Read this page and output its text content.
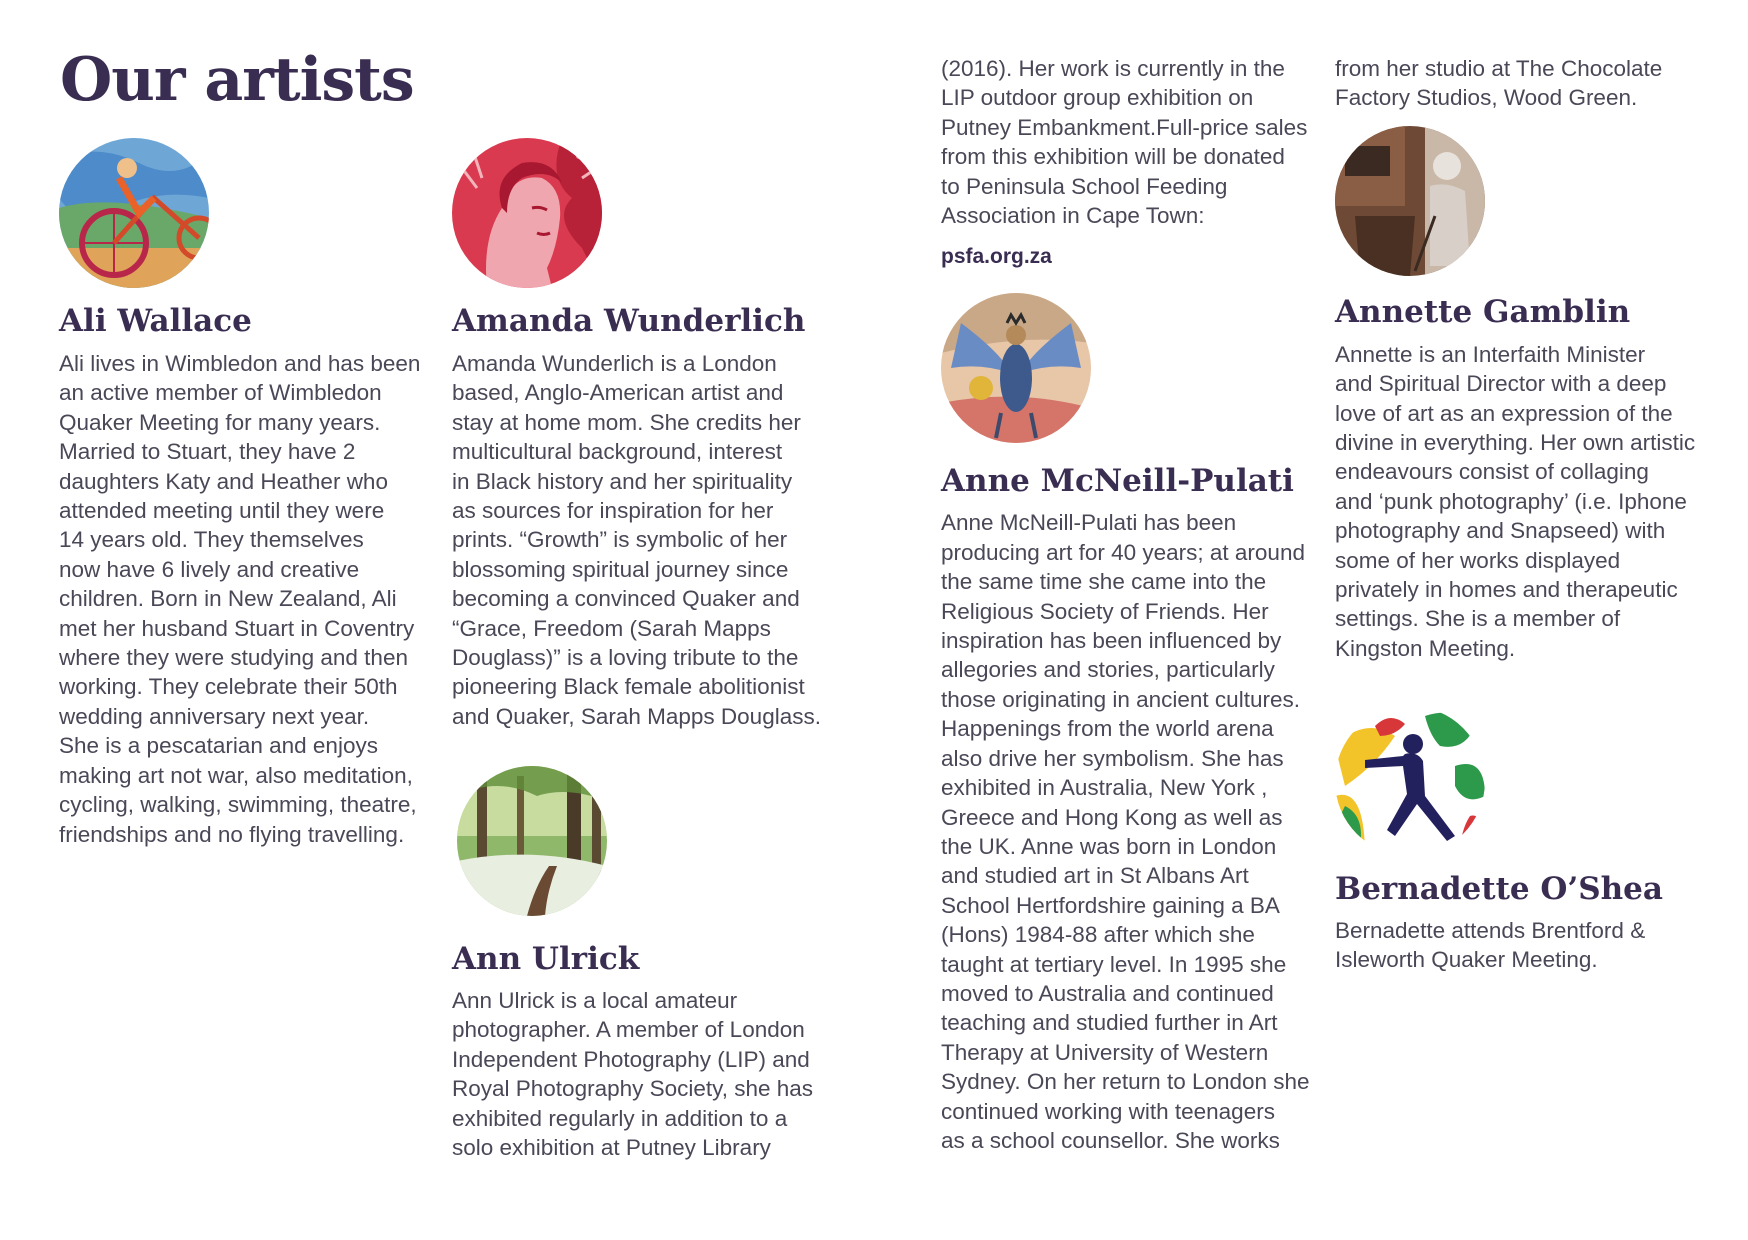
Our artists
Ali Wallace

Ali lives in Wimbledon and has been
an active member of Wimbledon
Quaker Meeting for many years.
Married to Stuart, they have 2
daughters Katy and Heather who
attended meeting until they were
14 years old. They themselves
now have 6 lively and creative
children. Born in New Zealand, Ali
met her husband Stuart in Coventry
where they were studying and then
working. They celebrate their 50th
wedding anniversary next year.
She is a pescatarian and enjoys
making art not war, also meditation,
cycling, walking, swimming, theatre,
friendships and no flying travelling.

Amanda Wunderlich

Amanda Wunderlich is a London
based, Anglo-American artist and
stay at home mom. She credits her
multicultural background, interest
in Black history and her spirituality
as sources for inspiration for her
prints. “Growth” is symbolic of her
blossoming spiritual journey since
becoming a convinced Quaker and
“Grace, Freedom (Sarah Mapps
Douglass)” is a loving tribute to the
pioneering Black female abolitionist
and Quaker, Sarah Mapps Douglass.

Ann Ulrick

Ann Ulrick is a local amateur
photographer. A member of London
Independent Photography (LIP) and
Royal Photography Society, she has
exhibited regularly in addition to a
solo exhibition at Putney Library

(2016). Her work is currently in the
LIP outdoor group exhibition on
Putney Embankment.Full-price sales
from this exhibition will be donated
to Peninsula School Feeding
Association in Cape Town:

psfa.org.za
Anne McNeill-Pulati

Anne McNeill-Pulati has been
producing art for 40 years; at around
the same time she came into the
Religious Society of Friends. Her
inspiration has been influenced by
allegories and stories, particularly
those originating in ancient cultures.
Happenings from the world arena
also drive her symbolism. She has
exhibited in Australia, New York ,
Greece and Hong Kong as well as
the UK. Anne was born in London
and studied art in St Albans Art
School Hertfordshire gaining a BA
(Hons) 1984-88 after which she
taught at tertiary level. In 1995 she
moved to Australia and continued
teaching and studied further in Art
Therapy at University of Western
Sydney. On her return to London she
continued working with teenagers
as a school counsellor. She works

from her studio at The Chocolate
Factory Studios, Wood Green.

Annette Gamblin

Annette is an Interfaith Minister
and Spiritual Director with a deep
love of art as an expression of the
divine in everything. Her own artistic
endeavours consist of collaging
and ‘punk photography’ (i.e. Iphone
photography and Snapseed) with
some of her works displayed
privately in homes and therapeutic
settings. She is a member of
Kingston Meeting.

Bernadette O’Shea

Bernadette attends Brentford &
Isleworth Quaker Meeting.
